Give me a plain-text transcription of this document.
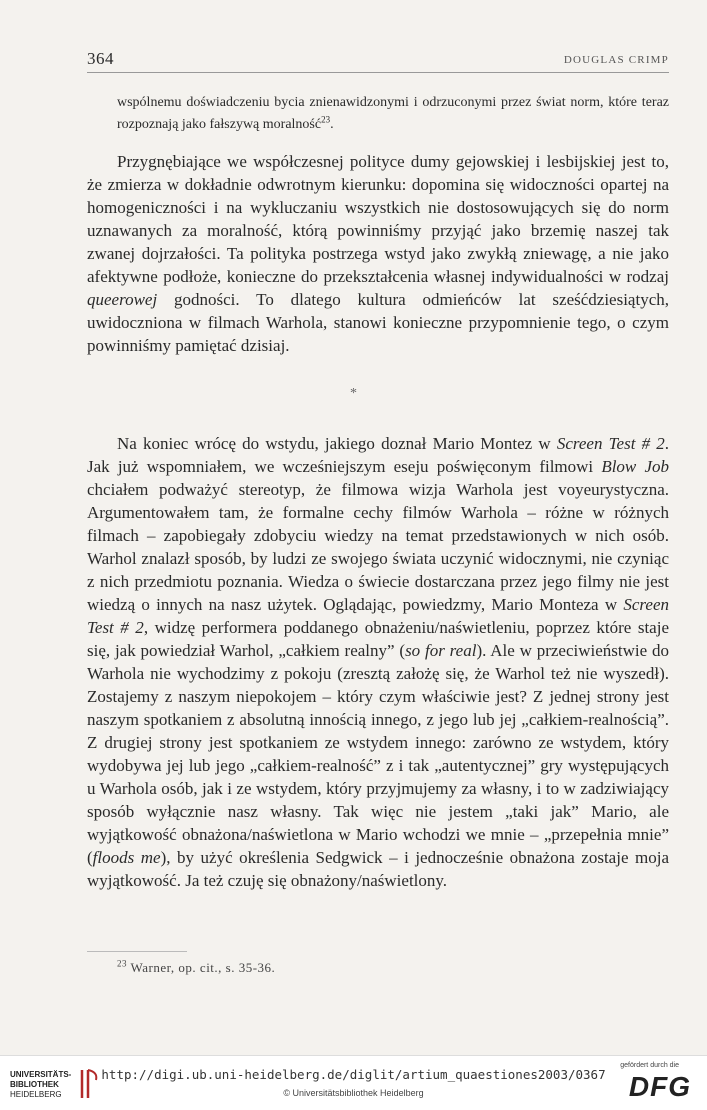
364	DOUGLAS CRIMP
wspólnemu doświadczeniu bycia znienawidzonymi i odrzuconymi przez świat norm, które teraz rozpoznają jako fałszywą moralność$^{23}$.

Przygnębiające we współczesnej polityce dumy gejowskiej i lesbijskiej jest to, że zmierza w dokładnie odwrotnym kierunku: dopomina się widoczności opartej na homogeniczności i na wykluczaniu wszystkich nie dostosowujących się do norm uznawanych za moralność, którą powinniśmy przyjąć jako brzemię naszej tak zwanej dojrzałości. Ta polityka postrzega wstyd jako zwykłą zniewagę, a nie jako afektywne podłoże, konieczne do przekształcenia własnej indywidualności w rodzaj queerowej godności. To dlatego kultura odmieńców lat sześćdziesiątych, uwidoczniona w filmach Warhola, stanowi konieczne przypomnienie tego, o czym powinniśmy pamiętać dzisiaj.

*

Na koniec wrócę do wstydu, jakiego doznał Mario Montez w Screen Test # 2. Jak już wspomniałem, we wcześniejszym eseju poświęconym filmowi Blow Job chciałem podważyć stereotyp, że filmowa wizja Warhola jest voyeurystyczna. Argumentowałem tam, że formalne cechy filmów Warhola – różne w różnych filmach – zapobiegały zdobyciu wiedzy na temat przedstawionych w nich osób. Warhol znalazł sposób, by ludzi ze swojego świata uczynić widocznymi, nie czyniąc z nich przedmiotu poznania. Wiedza o świecie dostarczana przez jego filmy nie jest wiedzą o innych na nasz użytek. Oglądając, powiedzmy, Mario Monteza w Screen Test # 2, widzę performera poddanego obnażeniu/naświetleniu, poprzez które staje się, jak powiedział Warhol, „całkiem realny” (so for real). Ale w przeciwieństwie do Warhola nie wychodzimy z pokoju (zresztą założę się, że Warhol też nie wyszedł). Zostajemy z naszym niepokojem – który czym właściwie jest? Z jednej strony jest naszym spotkaniem z absolutną innością innego, z jego lub jej „całkiem-realnością”. Z drugiej strony jest spotkaniem ze wstydem innego: zarówno ze wstydem, który wydobywa jej lub jego „całkiem-realność” z i tak „autentycznej” gry występujących u Warhola osób, jak i ze wstydem, który przyjmujemy za własny, i to w zadziwiający sposób wyłącznie nasz własny. Tak więc nie jestem „taki jak” Mario, ale wyjątkowość obnażona/naświetlona w Mario wchodzi we mnie – „przepełnia mnie” (floods me), by użyć określenia Sedgwick – i jednocześnie obnażona zostaje moja wyjątkowość. Ja też czuję się obnażony/naświetlony.

$^{23}$ Warner, op. cit., s. 35-36.
UNIVERSITÄTS-
BIBLIOTHEK
HEIDELBERG
http://digi.ub.uni-heidelberg.de/diglit/artium_quaestiones2003/0367
© Universitätsbibliothek Heidelberg
gefördert durch die
DFG
